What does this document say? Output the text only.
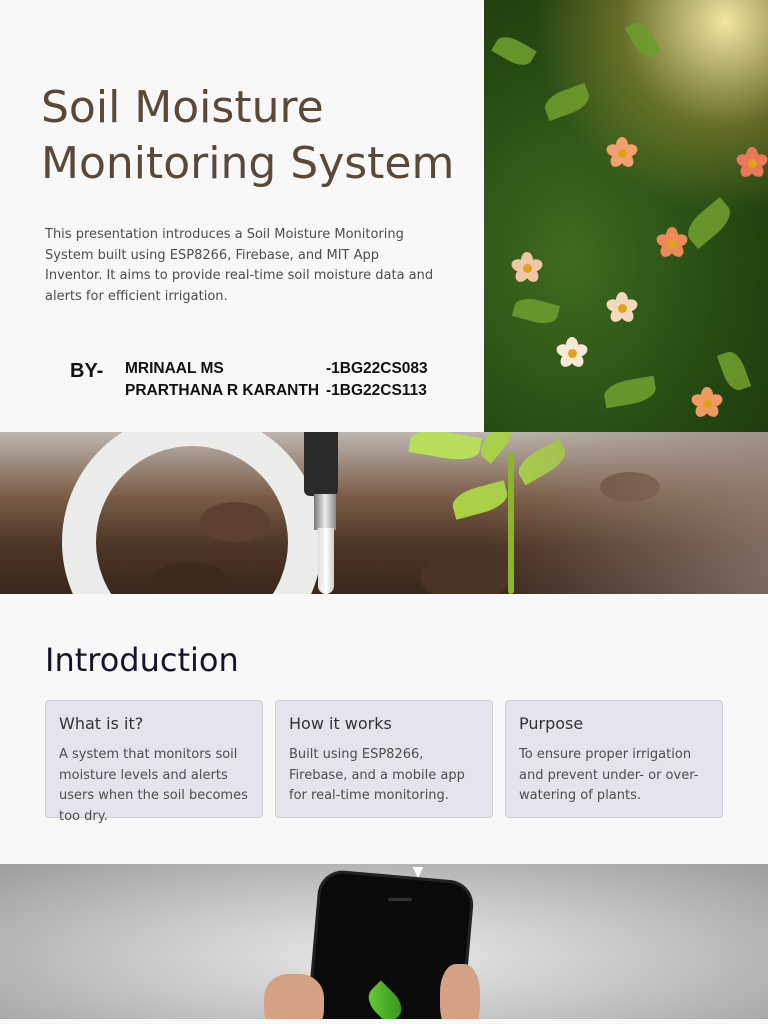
Soil Moisture Monitoring System

This presentation introduces a Soil Moisture Monitoring System built using ESP8266, Firebase, and MIT App Inventor. It aims to provide real-time soil moisture data and alerts for efficient irrigation.

BY- MRINAAL MS	-1BG22CS083
PRARTHANA R KARANTH -1BG22CS113
Introduction
What is it?

A system that monitors soil moisture levels and alerts users when the soil becomes too dry.

How it works

Built using ESP8266, Firebase, and a mobile app for real-time monitoring.

Purpose

To ensure proper irrigation and prevent under- or over-watering of plants.

▼
